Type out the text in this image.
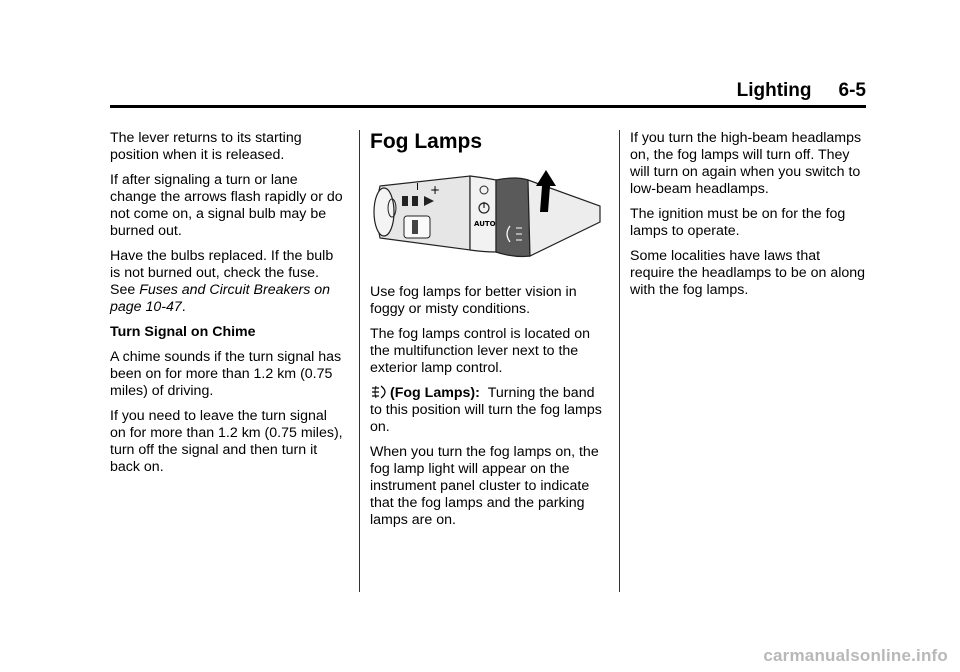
Lighting 6-5

The lever returns to its starting position when it is released.

If after signaling a turn or lane change the arrows flash rapidly or do not come on, a signal bulb may be burned out.

Have the bulbs replaced. If the bulb is not burned out, check the fuse. See Fuses and Circuit Breakers on page 10-47.

Turn Signal on Chime

A chime sounds if the turn signal has been on for more than 1.2 km (0.75 miles) of driving.

If you need to leave the turn signal on for more than 1.2 km (0.75 miles), turn off the signal and then turn it back on.

Fog Lamps
+
I
AUTO

Use fog lamps for better vision in foggy or misty conditions.

The fog lamps control is located on the multifunction lever next to the exterior lamp control.

(Fog Lamps): Turning the band to this position will turn the fog lamps on.

When you turn the fog lamps on, the fog lamp light will appear on the instrument panel cluster to indicate that the fog lamps and the parking lamps are on.

If you turn the high-beam headlamps on, the fog lamps will turn off. They will turn on again when you switch to low-beam headlamps.

The ignition must be on for the fog lamps to operate.

Some localities have laws that require the headlamps to be on along with the fog lamps.

carmanualsonline.info
